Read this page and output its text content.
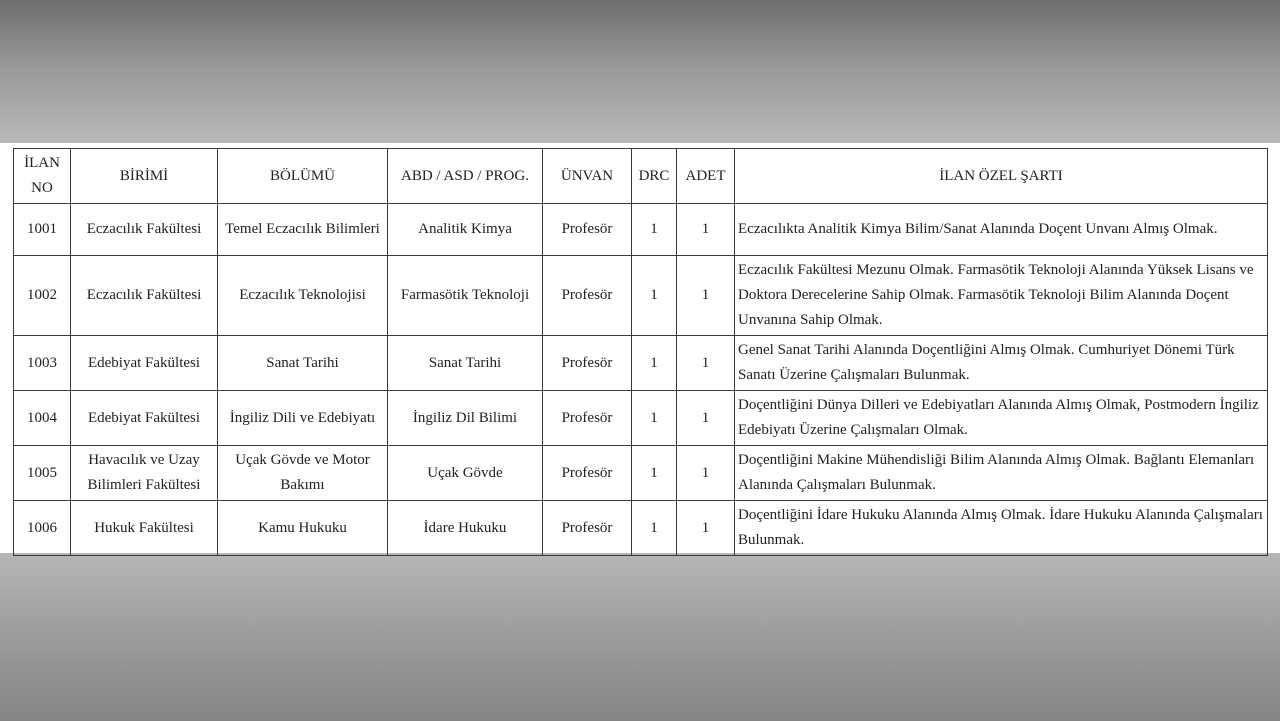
İLAN NO	BİRİMİ	BÖLÜMÜ	ABD / ASD / PROG.	ÜNVAN	DRC	ADET	İLAN ÖZEL ŞARTI
1001	Eczacılık Fakültesi	Temel Eczacılık Bilimleri	Analitik Kimya	Profesör	1	1	Eczacılıkta Analitik Kimya Bilim/Sanat Alanında Doçent Unvanı Almış Olmak.
1002	Eczacılık Fakültesi	Eczacılık Teknolojisi	Farmasötik Teknoloji	Profesör	1	1	Eczacılık Fakültesi Mezunu Olmak. Farmasötik Teknoloji Alanında Yüksek Lisans ve Doktora Derecelerine Sahip Olmak. Farmasötik Teknoloji Bilim Alanında Doçent Unvanına Sahip Olmak.
1003	Edebiyat Fakültesi	Sanat Tarihi	Sanat Tarihi	Profesör	1	1	Genel Sanat Tarihi Alanında Doçentliğini Almış Olmak. Cumhuriyet Dönemi Türk Sanatı Üzerine Çalışmaları Bulunmak.
1004	Edebiyat Fakültesi	İngiliz Dili ve Edebiyatı	İngiliz Dil Bilimi	Profesör	1	1	Doçentliğini Dünya Dilleri ve Edebiyatları Alanında Almış Olmak, Postmodern İngiliz Edebiyatı Üzerine Çalışmaları Olmak.
1005	Havacılık ve Uzay Bilimleri Fakültesi	Uçak Gövde ve Motor Bakımı	Uçak Gövde	Profesör	1	1	Doçentliğini Makine Mühendisliği Bilim Alanında Almış Olmak. Bağlantı Elemanları Alanında Çalışmaları Bulunmak.
1006	Hukuk Fakültesi	Kamu Hukuku	İdare Hukuku	Profesör	1	1	Doçentliğini İdare Hukuku Alanında Almış Olmak. İdare Hukuku Alanında Çalışmaları Bulunmak.
